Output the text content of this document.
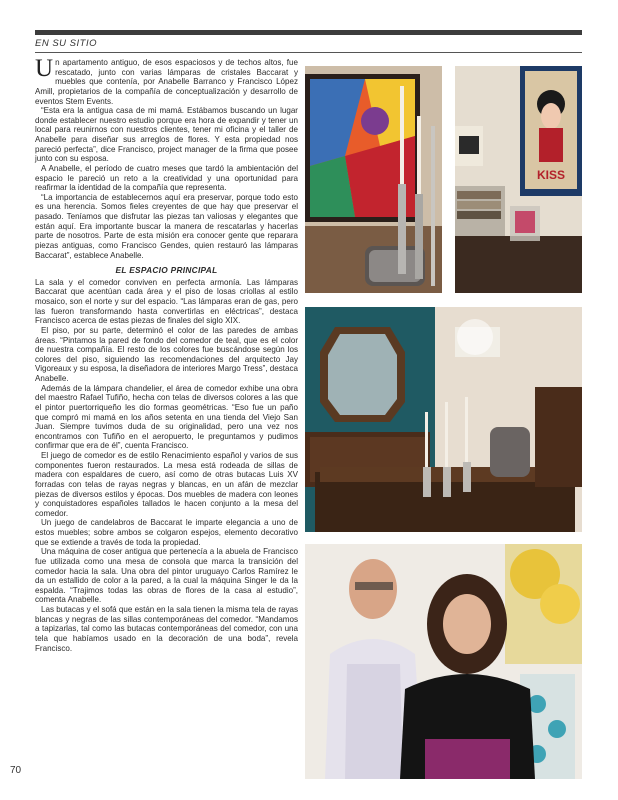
EN SU SITIO

Un apartamento antiguo, de esos espaciosos y de techos altos, fue rescatado, junto con varias lámparas de cristales Baccarat y muebles que contenía, por Anabelle Barranco y Francisco López Amill, propietarios de la compañía de conceptualización y desarrollo de eventos Stem Events.

“Esta era la antigua casa de mi mamá. Estábamos buscando un lugar donde establecer nuestro estudio porque era hora de expandir y tener un local para reunirnos con nuestros clientes, tener mi oficina y el taller de Anabelle para diseñar sus arreglos de flores. Y esta propiedad nos pareció perfecta”, dice Francisco, project manager de la firma que posee junto con su esposa.

A Anabelle, el período de cuatro meses que tardó la ambientación del espacio le pareció un reto a la creatividad y una oportunidad para reafirmar la identidad de la compañía que representa.

“La importancia de establecernos aquí era preservar, porque todo esto es una herencia. Somos fieles creyentes de que hay que preservar el pasado. Teníamos que disfrutar las piezas tan valiosas y elegantes que están aquí. Era importante buscar la manera de rescatarlas y hacerlas parte de nosotros. Parte de esta misión era conocer gente que reparara piezas antiguas, como Francisco Gendes, quien restauró las lámparas Baccarat”, establece Anabelle.

EL ESPACIO PRINCIPAL

La sala y el comedor conviven en perfecta armonía. Las lámparas Baccarat que acentúan cada área y el piso de losas criollas al estilo mosaico, son el norte y sur del espacio. “Las lámparas eran de gas, pero las fueron transformando hasta convertirlas en eléctricas”, destaca Francisco acerca de estas piezas de finales del siglo XIX.

El piso, por su parte, determinó el color de las paredes de ambas áreas. “Pintamos la pared de fondo del comedor de teal, que es el color de nuestra compañía. El resto de los colores fue buscándose según los colores del piso, siguiendo las recomendaciones del arquitecto Jay Vigoreaux y su esposa, la diseñadora de interiores Margo Tress”, destaca Anabelle.

Además de la lámpara chandelier, el área de comedor exhibe una obra del maestro Rafael Tufiño, hecha con telas de diversos colores a las que el pintor puertorriqueño les dio formas geométricas. “Eso fue un paño que compró mi mamá en los años setenta en una tienda del Viejo San Juan. Siempre tuvimos duda de su originalidad, pero una vez nos encontramos con Tufiño en el aeropuerto, le preguntamos y pudimos confirmar que era de él”, cuenta Francisco.

El juego de comedor es de estilo Renacimiento español y varios de sus componentes fueron restaurados. La mesa está rodeada de sillas de madera con espaldares de cuero, así como de otras butacas Luis XV forradas con telas de rayas negras y blancas, en un afán de mezclar piezas de diversos estilos y épocas. Dos muebles de madera con leones y conquistadores españoles tallados le hacen conjunto a la mesa del comedor.

Un juego de candelabros de Baccarat le imparte elegancia a uno de estos muebles; sobre ambos se colgaron espejos, elemento decorativo que se extiende a través de toda la propiedad.

Una máquina de coser antigua que pertenecía a la abuela de Francisco fue utilizada como una mesa de consola que marca la transición del comedor hacia la sala. Una obra del pintor uruguayo Carlos Ramírez le da un estallido de color a la pared, a la cual la máquina Singer le da la espalda. “Trajimos todas las obras de flores de la casa al estudio”, comenta Anabelle.

Las butacas y el sofá que están en la sala tienen la misma tela de rayas blancas y negras de las sillas contemporáneas del comedor. “Mandamos a tapizarlas, tal como las butacas contemporáneas del comedor, con una tela que habíamos usado en la decoración de una boda”, revela Francisco.

70
KISS
